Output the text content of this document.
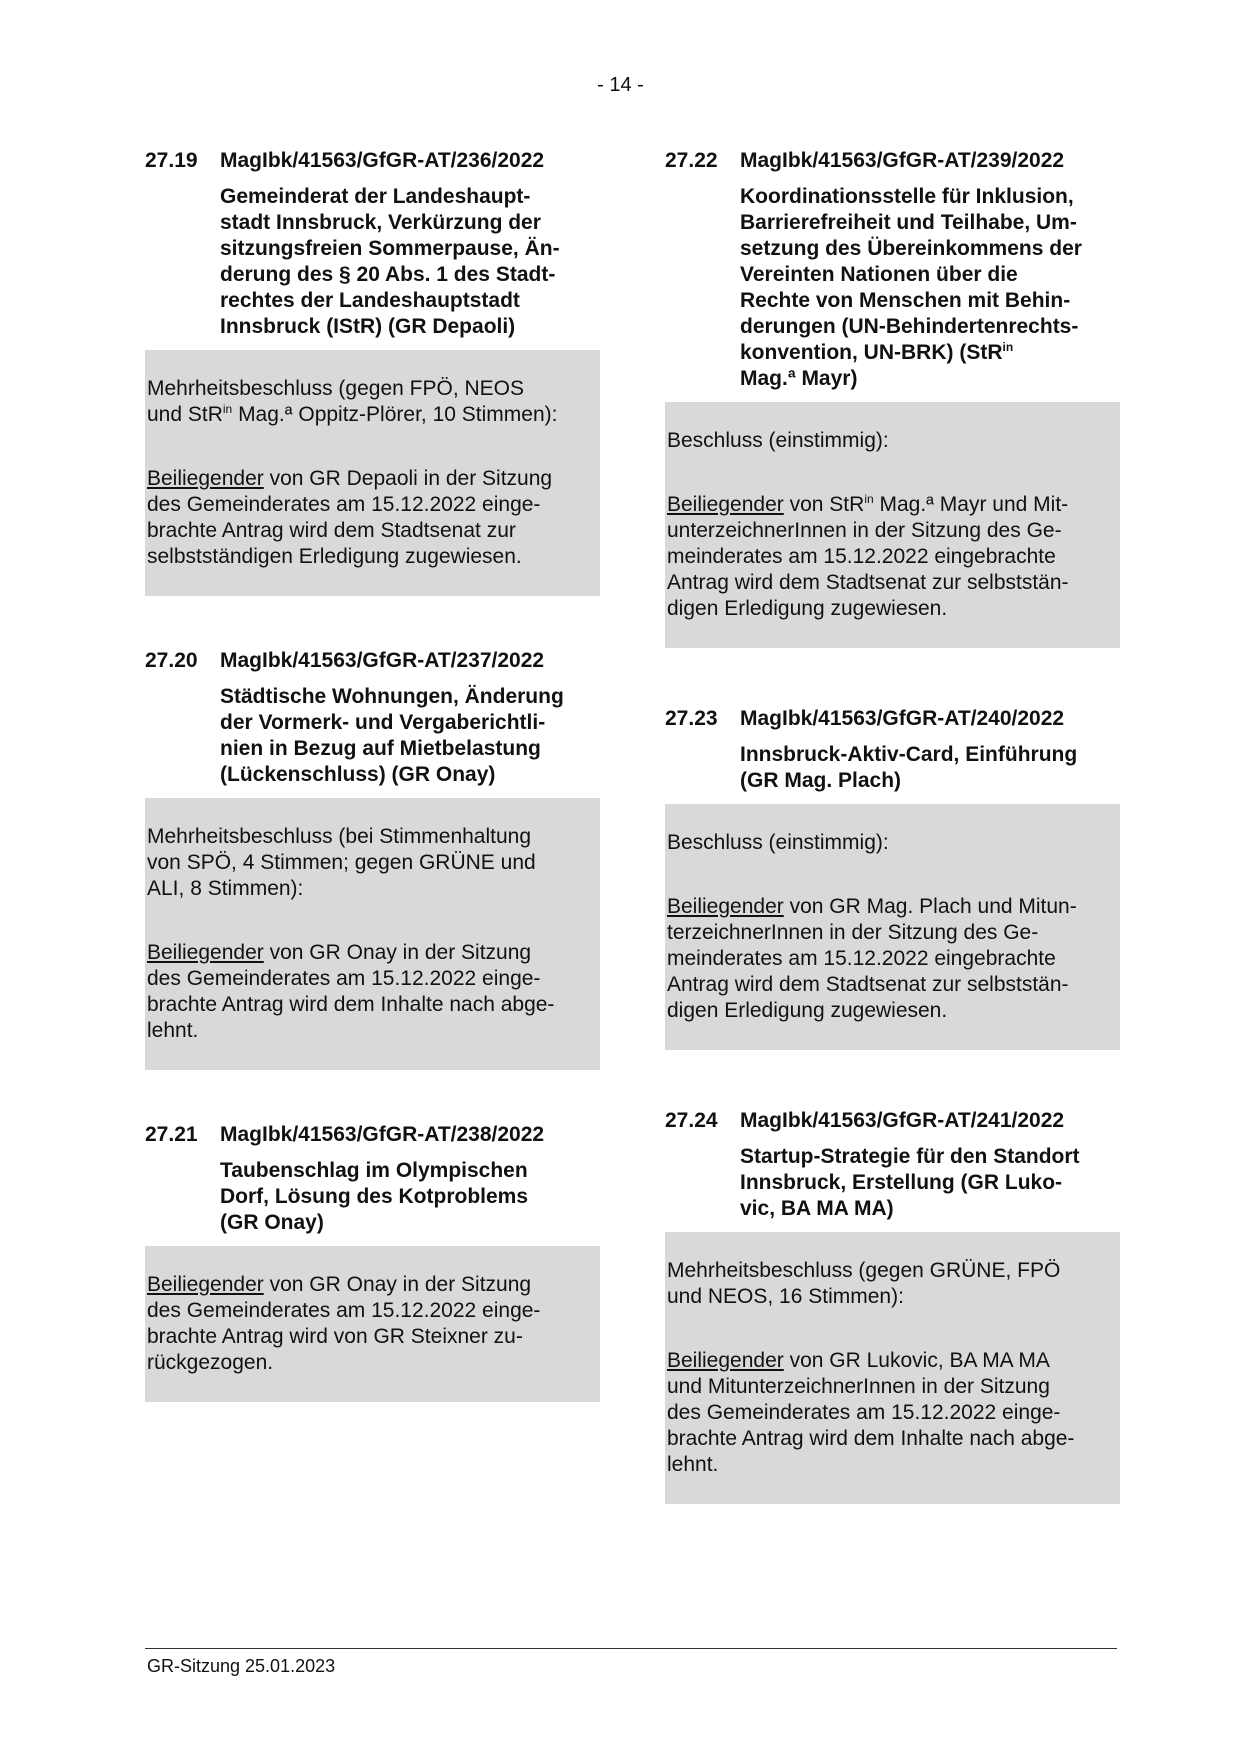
- 14 -
27.19	MagIbk/41563/GfGR-AT/236/2022
Gemeinderat der Landeshaupt-
stadt Innsbruck, Verkürzung der
sitzungsfreien Sommerpause, Än-
derung des § 20 Abs. 1 des Stadt-
rechtes der Landeshauptstadt
Innsbruck (IStR) (GR Depaoli)

Mehrheitsbeschluss (gegen FPÖ, NEOS
und StR$^{in}$ Mag.ª Oppitz-Plörer, 10 Stimmen):

Beiliegender von GR Depaoli in der Sitzung
des Gemeinderates am 15.12.2022 einge-
brachte Antrag wird dem Stadtsenat zur
selbstständigen Erledigung zugewiesen.

27.20	MagIbk/41563/GfGR-AT/237/2022
Städtische Wohnungen, Änderung
der Vormerk- und Vergaberichtli-
nien in Bezug auf Mietbelastung
(Lückenschluss) (GR Onay)

Mehrheitsbeschluss (bei Stimmenhaltung
von SPÖ, 4 Stimmen; gegen GRÜNE und
ALI, 8 Stimmen):

Beiliegender von GR Onay in der Sitzung
des Gemeinderates am 15.12.2022 einge-
brachte Antrag wird dem Inhalte nach abge-
lehnt.

27.21	MagIbk/41563/GfGR-AT/238/2022
Taubenschlag im Olympischen
Dorf, Lösung des Kotproblems
(GR Onay)

Beiliegender von GR Onay in der Sitzung
des Gemeinderates am 15.12.2022 einge-
brachte Antrag wird von GR Steixner zu-
rückgezogen.

27.22	MagIbk/41563/GfGR-AT/239/2022
Koordinationsstelle für Inklusion,
Barrierefreiheit und Teilhabe, Um-
setzung des Übereinkommens der
Vereinten Nationen über die
Rechte von Menschen mit Behin-
derungen (UN-Behindertenrechts-
konvention, UN-BRK) (StR$^{in}$
Mag.ª Mayr)

Beschluss (einstimmig):

Beiliegender von StR$^{in}$ Mag.ª Mayr und Mit-
unterzeichnerInnen in der Sitzung des Ge-
meinderates am 15.12.2022 eingebrachte
Antrag wird dem Stadtsenat zur selbststän-
digen Erledigung zugewiesen.

27.23	MagIbk/41563/GfGR-AT/240/2022
Innsbruck-Aktiv-Card, Einführung
(GR Mag. Plach)

Beschluss (einstimmig):

Beiliegender von GR Mag. Plach und Mitun-
terzeichnerInnen in der Sitzung des Ge-
meinderates am 15.12.2022 eingebrachte
Antrag wird dem Stadtsenat zur selbststän-
digen Erledigung zugewiesen.

27.24	MagIbk/41563/GfGR-AT/241/2022
Startup-Strategie für den Standort
Innsbruck, Erstellung (GR Luko-
vic, BA MA MA)

Mehrheitsbeschluss (gegen GRÜNE, FPÖ
und NEOS, 16 Stimmen):

Beiliegender von GR Lukovic, BA MA MA
und MitunterzeichnerInnen in der Sitzung
des Gemeinderates am 15.12.2022 einge-
brachte Antrag wird dem Inhalte nach abge-
lehnt.

GR-Sitzung 25.01.2023
